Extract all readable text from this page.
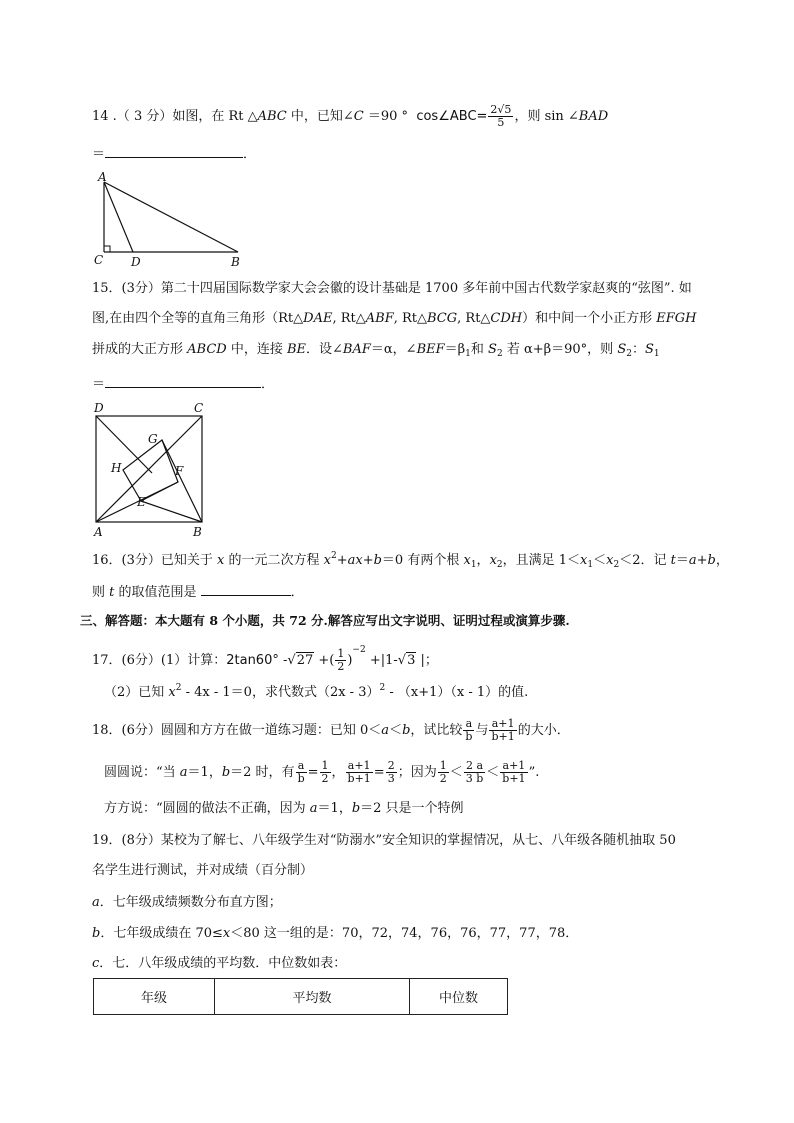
14 .（ 3 分）如图，在 Rt △ABC 中，已知∠C ＝90 ° cos∠ABC= $\frac{2√5}{5}$ ，则 sin ∠BAD
＝	．
A
C D	B
15．(3分）第二十四届国际数学家大会会徽的设计基础是 1700 多年前中国古代数学家赵爽的“弦图”. 如
图,在由四个全等的直角三角形（Rt△DAE, Rt△ABF, Rt△BCG, Rt△CDH）和中间一个小正方形 EFGH
拼成的大正方形 ABCD 中，连接 BE．设∠BAF＝α，$\angle BEF=\beta_1$和 $S_2$ 若 α+β＝90°，则 $S_2$：$S_1$
＝	．
D	C
G
H	F
E
A	B
16．(3分）已知关于 x 的一元二次方程 $x^2+ax+b=0$ 有两个根 $x_1$，$x_2$，且满足 $1<x_1<x_2<2$．记 t＝a+b，
则 t 的取值范围是	．
三、解答题：本大题有 8 个小题，共 72 分.解答应写出文字说明、证明过程或演算步骤.
17．(6分）(1）计算：2tan60° -√27 +( $\frac{1}{2} )^{-2} +|1-√3$ |；
（2）已知 $x^2 - 4x - 1=0$，求代数式（2x - 3）$^2$ - （x+1）（x - 1）的值.
18．(6分）圆圆和方方在做一道练习题：已知 0＜a＜b，试比较 $\frac{a}{b}$ 与 $\frac{a+1}{b+1}$ 的大小．
圆圆说：“当 a＝1，b＝2 时，有 $\frac{a}{b} = \frac{1}{2}$ ， $\frac{a+1}{b+1} = \frac{2}{3}$ ；因为 $\frac{1}{2} < \frac{2 a}{3 b} < \frac{a+1}{b+1}$ ”.
方方说：“圆圆的做法不正确，因为 a＝1，b＝2 只是一个特例
19．(8分）某校为了解七、八年级学生对“防溺水”安全知识的掌握情况，从七、八年级各随机抽取 50
名学生进行测试，并对成绩（百分制）
a．七年级成绩频数分布直方图；
b．七年级成绩在 70≤x＜80 这一组的是：70，72，74，76，76，77，77，78．
c．七．八年级成绩的平均数．中位数如表：
年级	平均数	中位数
